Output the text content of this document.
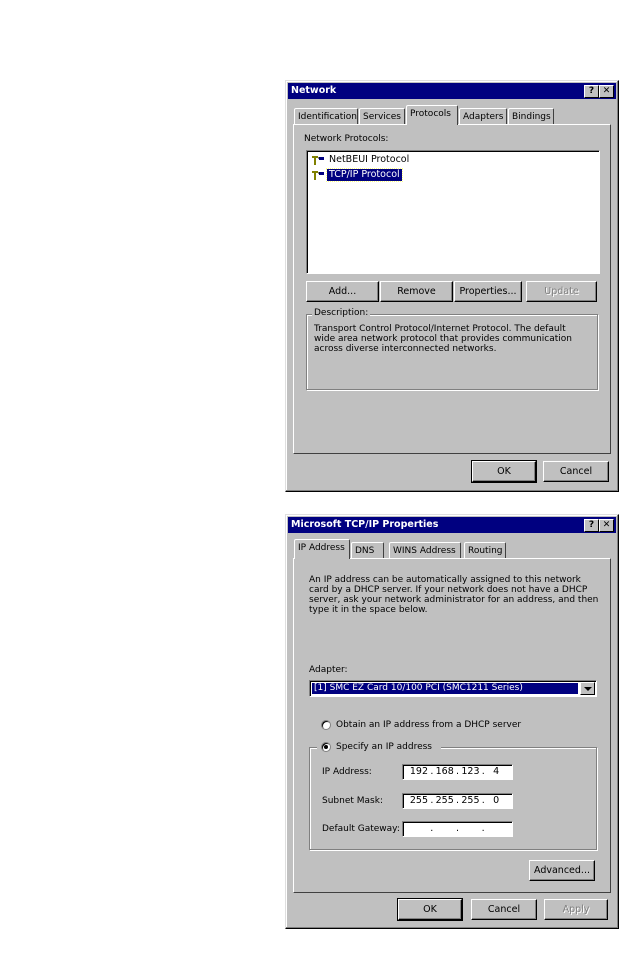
Network	? ✕
Identification Services	Protocols	Adapters Bindings
Network Protocols:
NetBEUI Protocol
TCP/IP Protocol
Add...	Remove	Properties...	Update
Description:
Transport Control Protocol/Internet Protocol. The default wide area network protocol that provides communication across diverse interconnected networks.
OK	Cancel
Microsoft TCP/IP Properties	? ✕
IP Address	DNS	WINS Address	Routing
An IP address can be automatically assigned to this network card by a DHCP server. If your network does not have a DHCP server, ask your network administrator for an address, and then type it in the space below.
Adapter:
[1] SMC EZ Card 10/100 PCI (SMC1211 Series)
Obtain an IP address from a DHCP server
Specify an IP address
IP Address:	192 . 168 . 123 . 4
Subnet Mask:	255 . 255 . 255 . 0
Default Gateway:	. . .
Advanced...
OK	Cancel	Apply
